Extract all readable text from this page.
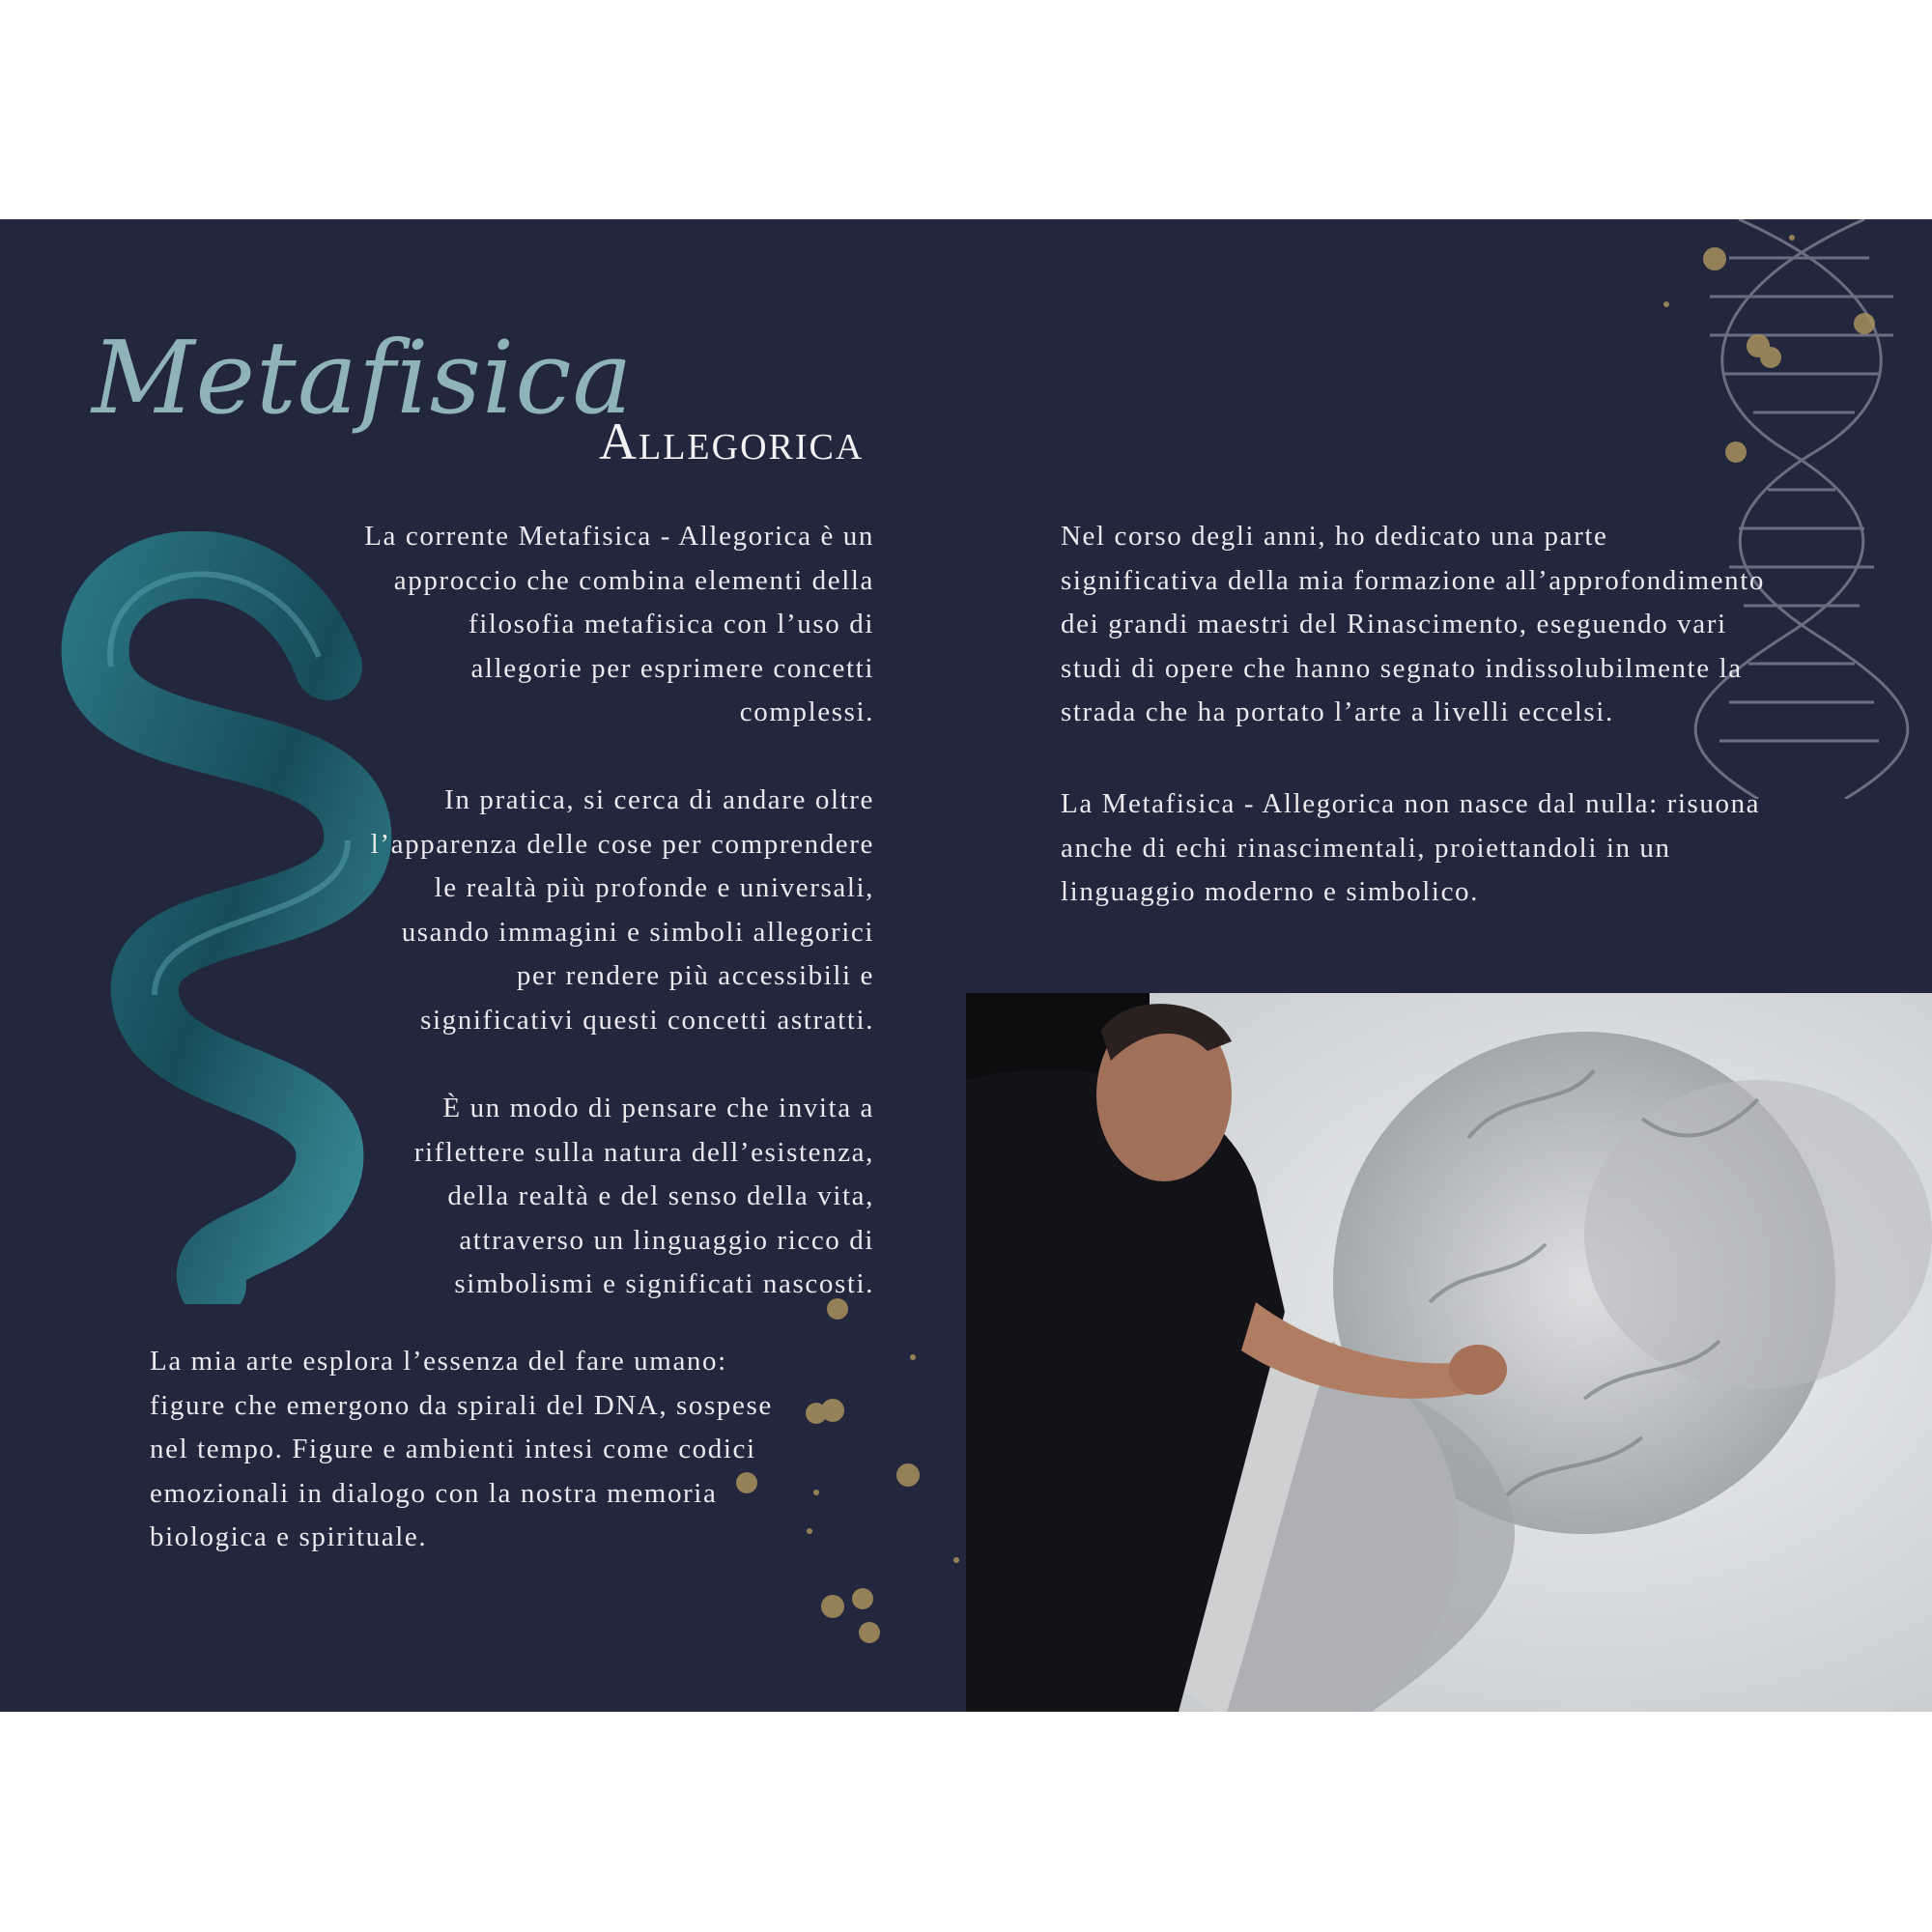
Metafisica
Allegorica
La corrente Metafisica - Allegorica è un
approccio che combina elementi della
filosofia metafisica con l’uso di
allegorie per esprimere concetti
complessi.
In pratica, si cerca di andare oltre
l’apparenza delle cose per comprendere
le realtà più profonde e universali,
usando immagini e simboli allegorici
per rendere più accessibili e
significativi questi concetti astratti.
È un modo di pensare che invita a
riflettere sulla natura dell’esistenza,
della realtà e del senso della vita,
attraverso un linguaggio ricco di
simbolismi e significati nascosti.
La mia arte esplora l’essenza del fare umano:
figure che emergono da spirali del DNA, sospese
nel tempo. Figure e ambienti intesi come codici
emozionali in dialogo con la nostra memoria
biologica e spirituale.
Nel corso degli anni, ho dedicato una parte
significativa della mia formazione all’approfondimento
dei grandi maestri del Rinascimento, eseguendo vari
studi di opere che hanno segnato indissolubilmente la
strada che ha portato l’arte a livelli eccelsi.
La Metafisica - Allegorica non nasce dal nulla: risuona
anche di echi rinascimentali, proiettandoli in un
linguaggio moderno e simbolico.
